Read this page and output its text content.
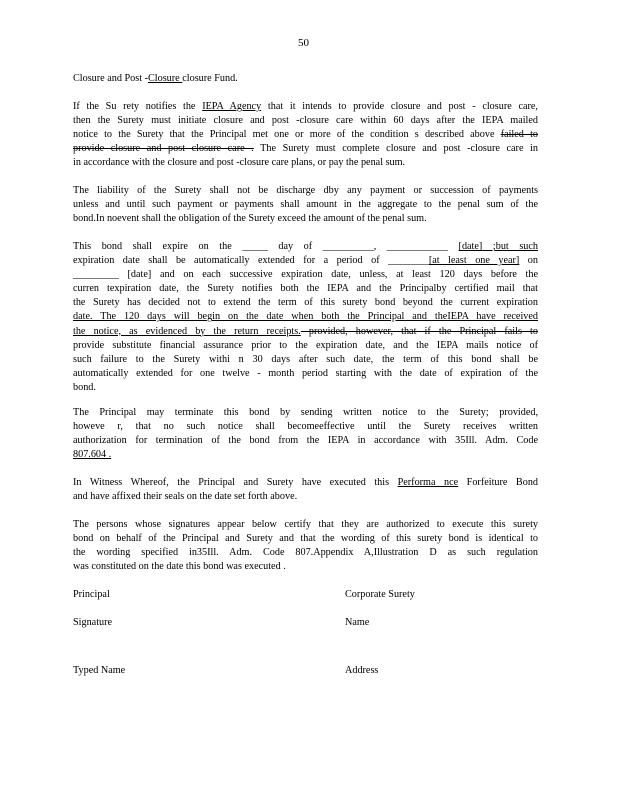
50
Closure and Post -Closure closure Fund.
If the Su rety notifies the IEPA Agency that it intends to provide closure and post - closure care,
then the Surety must initiate closure and post -closure care within 60 days after the IEPA mailed
notice to the Surety that the Principal met one or more of the condition s described above failed to
provide closure and post closure care . The Surety must complete closure and post -closure care in
in accordance with the closure and post -closure care plans, or pay the penal sum.
The liability of the Surety shall not be discharge dby any payment or succession of payments
unless and until such payment or payments shall amount in the aggregate to the penal sum of the
bond.In noevent shall the obligation of the Surety exceed the amount of the penal sum.
This bond shall expire on the _____ day of __________, ____________ [date] ;but such
expiration date shall be automatically extended for a period of ________[at least one year] on
_________ [date] and on each successive expiration date, unless, at least 120 days before the
curren texpiration date, the Surety notifies both the IEPA and the Principalby certified mail that
the Surety has decided not to extend the term of this surety bond beyond the current expiration
date. The 120 days will begin on the date when both the Principal and theIEPA have received
the notice, as evidenced by the return receipts. provided, however, that if the Principal fails to
provide substitute financial assurance prior to the expiration date, and the IEPA mails notice of
such failure to the Surety withi n 30 days after such date, the term of this bond shall be
automatically extended for one twelve - month period starting with the date of expiration of the
bond.
The Principal may terminate this bond by sending written notice to the Surety; provided,
howeve r, that no such notice shall becomeeffective until the Surety receives written
authorization for termination of the bond from the IEPA in accordance with 35Ill. Adm. Code
807.604 .
In Witness Whereof, the Principal and Surety have executed this Performa nce Forfeiture Bond
and have affixed their seals on the date set forth above.
The persons whose signatures appear below certify that they are authorized to execute this surety
bond on behalf of the Principal and Surety and that the wording of this surety bond is identical to
the wording specified in35Ill. Adm. Code 807.Appendix A,Illustration D as such regulation
was constituted on the date this bond was executed .
Principal	Corporate Surety
Signature	Name
Typed Name	Address
